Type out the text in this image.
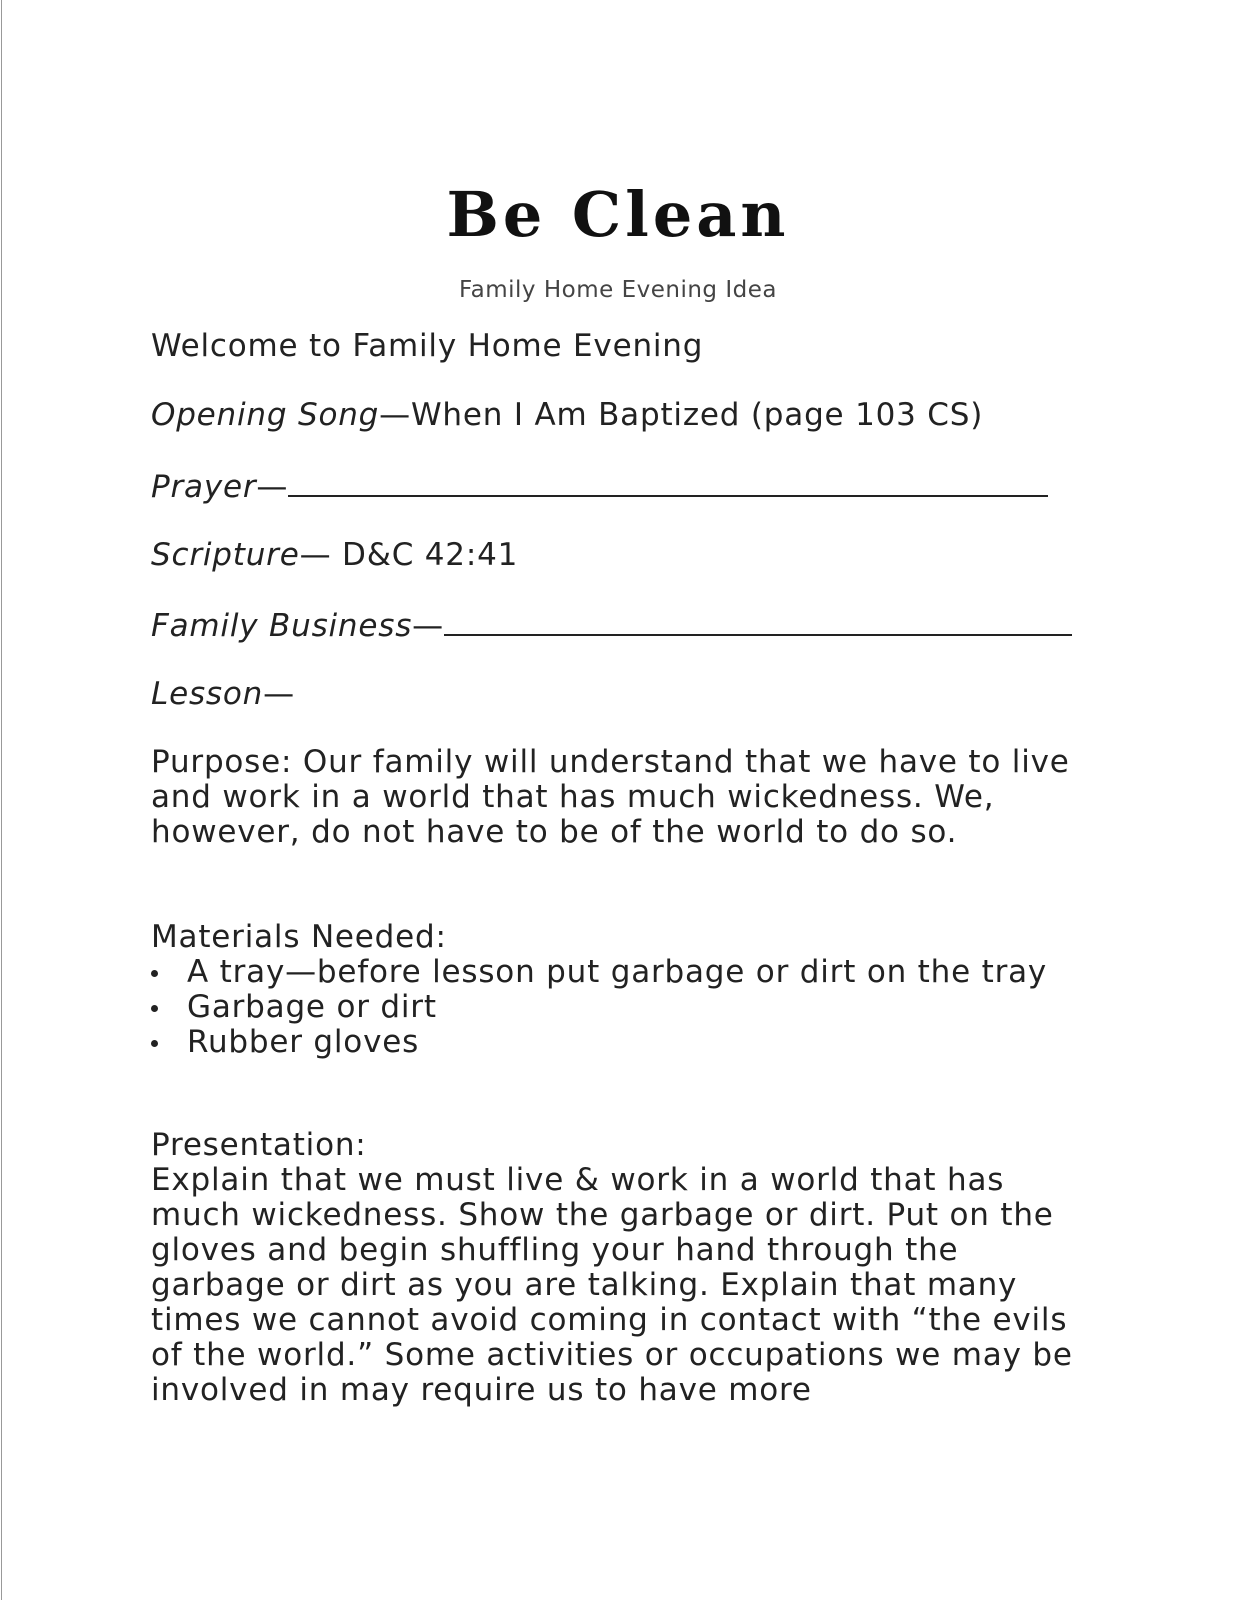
Be Clean
Family Home Evening Idea
Welcome to Family Home Evening
Opening Song—When I Am Baptized (page 103 CS)
Prayer—
Scripture— D&C 42:41
Family Business—
Lesson—

Purpose: Our family will understand that we have to live and work in a world that has much wickedness. We, however, do not have to be of the world to do so.

Materials Needed:

A tray—before lesson put garbage or dirt on the tray
Garbage or dirt
Rubber gloves

Presentation:

Explain that we must live & work in a world that has much wickedness. Show the garbage or dirt. Put on the gloves and begin shuffling your hand through the garbage or dirt as you are talking. Explain that many times we cannot avoid coming in contact with “the evils of the world.” Some activities or occupations we may be involved in may require us to have more
